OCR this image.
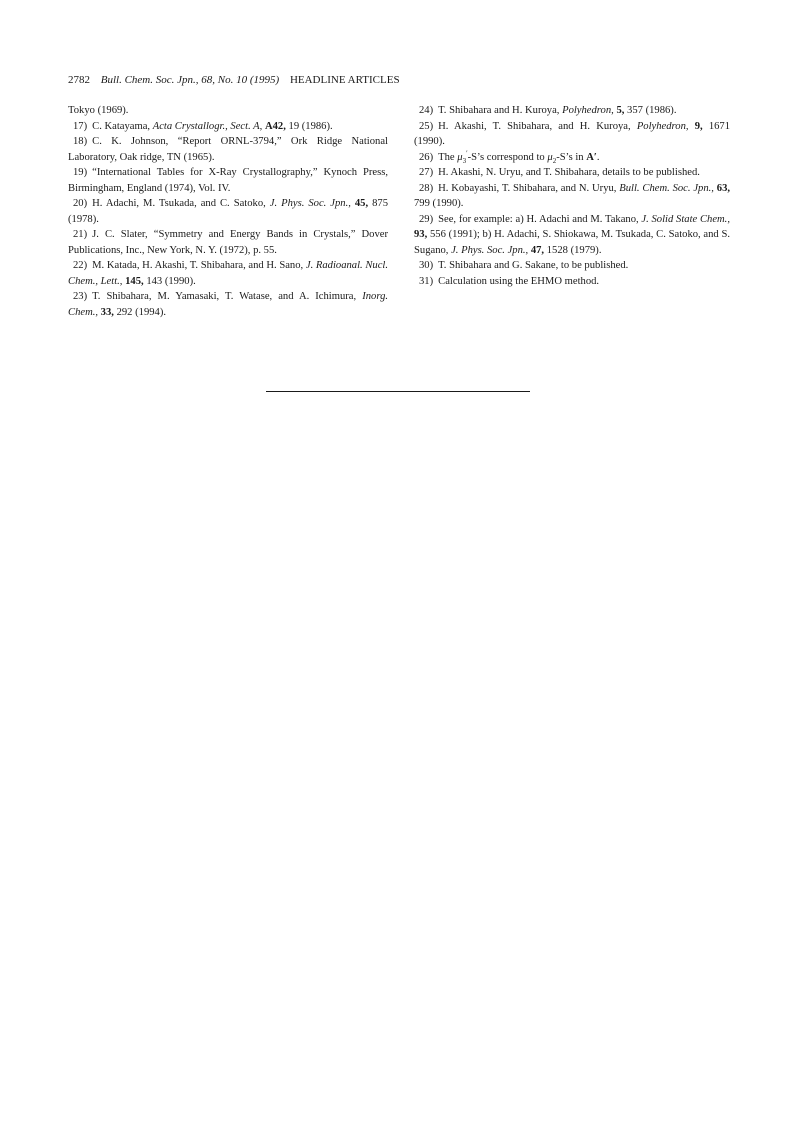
2782 Bull. Chem. Soc. Jpn., 68, No. 10 (1995) HEADLINE ARTICLES

Tokyo (1969).

17) C. Katayama, Acta Crystallogr., Sect. A, A42, 19 (1986).

18) C. K. Johnson, “Report ORNL-3794,” Ork Ridge National Laboratory, Oak ridge, TN (1965).

19) “International Tables for X-Ray Crystallography,” Kynoch Press, Birmingham, England (1974), Vol. IV.

20) H. Adachi, M. Tsukada, and C. Satoko, J. Phys. Soc. Jpn., 45, 875 (1978).

21) J. C. Slater, “Symmetry and Energy Bands in Crystals,” Dover Publications, Inc., New York, N. Y. (1972), p. 55.

22) M. Katada, H. Akashi, T. Shibahara, and H. Sano, J. Radioanal. Nucl. Chem., Lett., 145, 143 (1990).

23) T. Shibahara, M. Yamasaki, T. Watase, and A. Ichimura, Inorg. Chem., 33, 292 (1994).

24) T. Shibahara and H. Kuroya, Polyhedron, 5, 357 (1986).

25) H. Akashi, T. Shibahara, and H. Kuroya, Polyhedron, 9, 1671 (1990).

26) The $\mu_3'-S’s$ correspond to $\mu_2-S’s$ in A′.

27) H. Akashi, N. Uryu, and T. Shibahara, details to be published.

28) H. Kobayashi, T. Shibahara, and N. Uryu, Bull. Chem. Soc. Jpn., 63, 799 (1990).

29) See, for example: a) H. Adachi and M. Takano, J. Solid State Chem., 93, 556 (1991); b) H. Adachi, S. Shiokawa, M. Tsukada, C. Satoko, and S. Sugano, J. Phys. Soc. Jpn., 47, 1528 (1979).

30) T. Shibahara and G. Sakane, to be published.

31) Calculation using the EHMO method.
